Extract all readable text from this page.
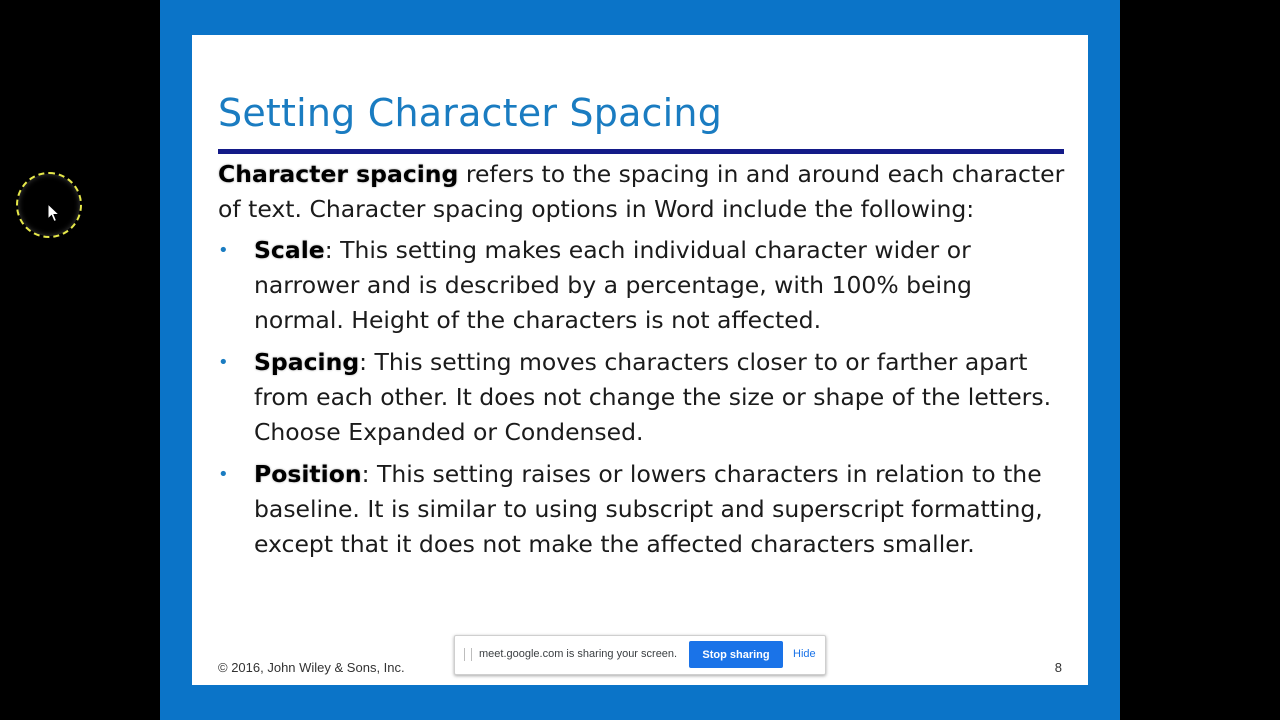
Setting Character Spacing

Character spacing refers to the spacing in and around each character of text. Character spacing options in Word include the following:

• Scale: This setting makes each individual character wider or narrower and is described by a percentage, with 100% being normal. Height of the characters is not affected.
• Spacing: This setting moves characters closer to or farther apart from each other. It does not change the size or shape of the letters. Choose Expanded or Condensed.
• Position: This setting raises or lowers characters in relation to the baseline. It is similar to using subscript and superscript formatting, except that it does not make the affected characters smaller.
© 2016, John Wiley & Sons, Inc.	8
meet.google.com is sharing your screen.	Stop sharing	Hide
